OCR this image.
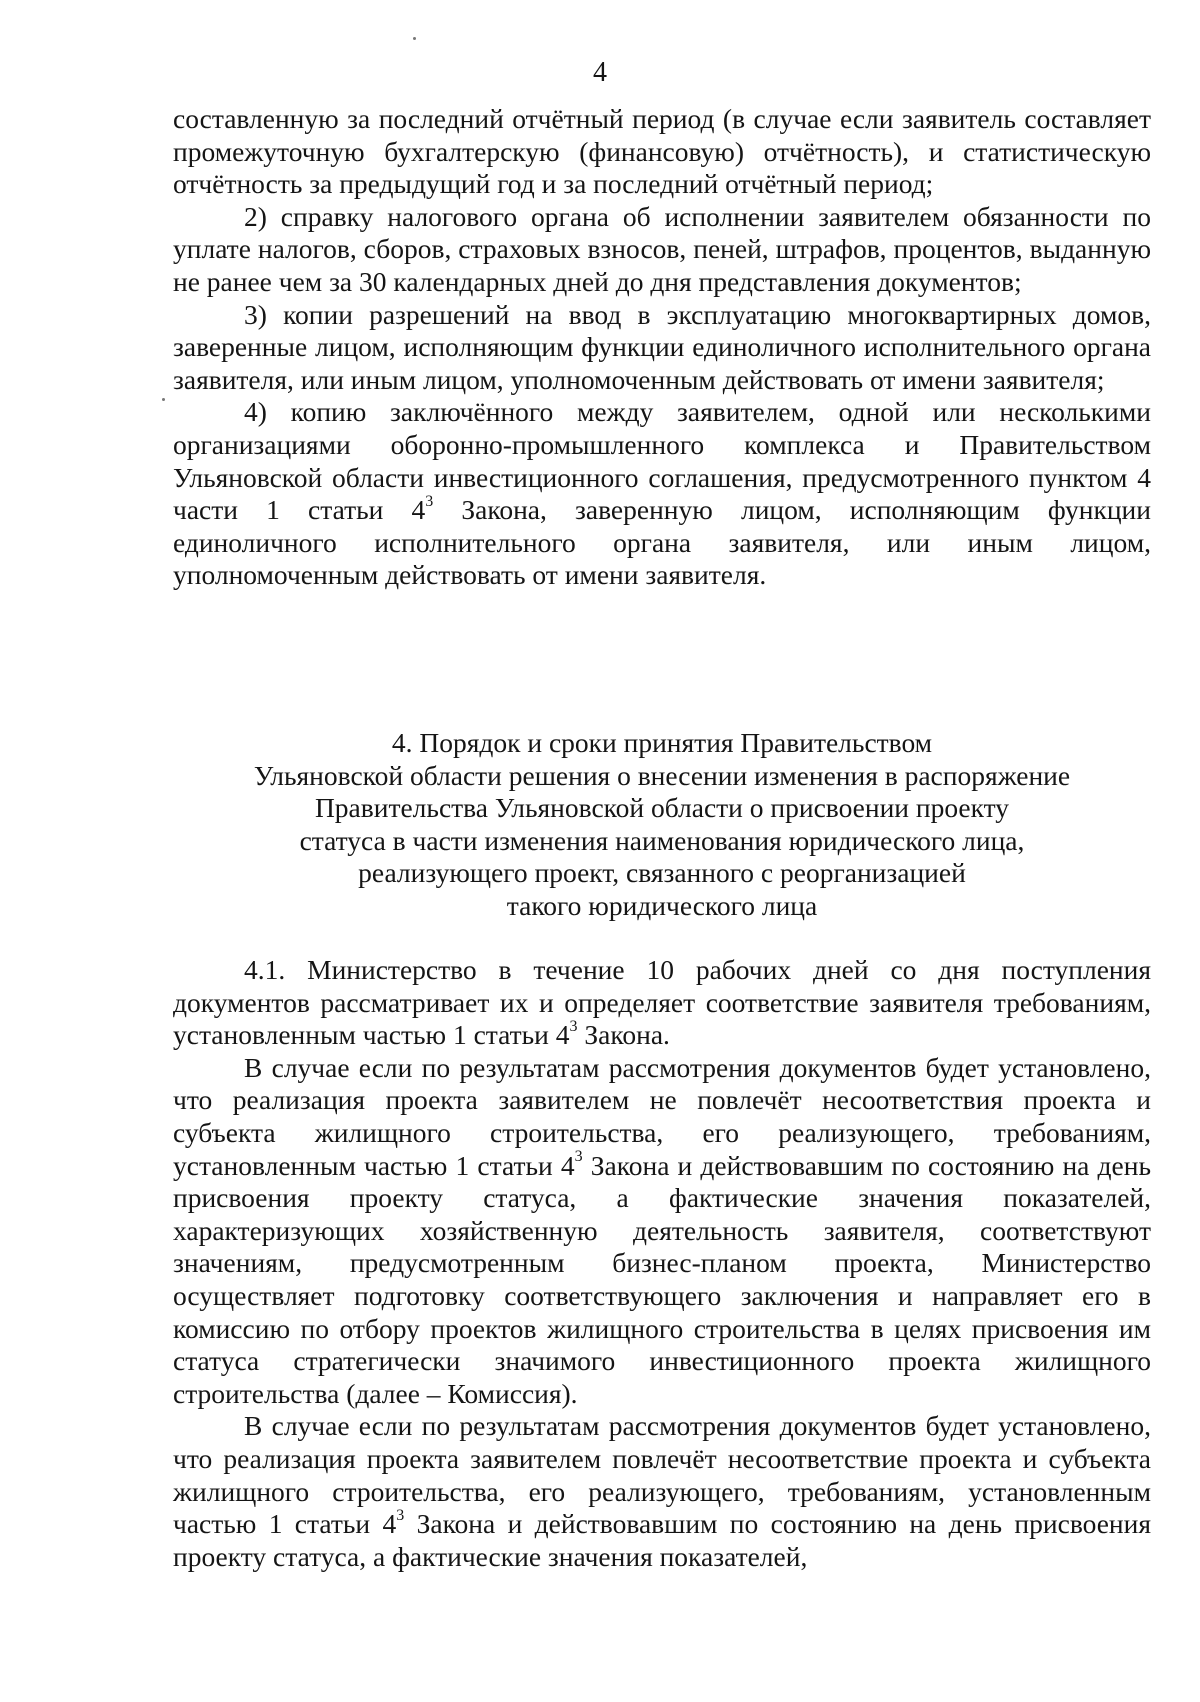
4

составленную за последний отчётный период (в случае если заявитель составляет промежуточную бухгалтерскую (финансовую) отчётность), и статистическую отчётность за предыдущий год и за последний отчётный период;

2) справку налогового органа об исполнении заявителем обязанности по уплате налогов, сборов, страховых взносов, пеней, штрафов, процентов, выданную не ранее чем за 30 календарных дней до дня представления документов;

3) копии разрешений на ввод в эксплуатацию многоквартирных домов, заверенные лицом, исполняющим функции единоличного исполнительного органа заявителя, или иным лицом, уполномоченным действовать от имени заявителя;

4) копию заключённого между заявителем, одной или несколькими организациями оборонно-промышленного комплекса и Правительством Ульяновской области инвестиционного соглашения, предусмотренного пунктом 4 части 1 статьи $4^3$ Закона, заверенную лицом, исполняющим функции единоличного исполнительного органа заявителя, или иным лицом, уполномоченным действовать от имени заявителя.

4. Порядок и сроки принятия Правительством
Ульяновской области решения о внесении изменения в распоряжение
Правительства Ульяновской области о присвоении проекту
статуса в части изменения наименования юридического лица,
реализующего проект, связанного с реорганизацией
такого юридического лица

4.1. Министерство в течение 10 рабочих дней со дня поступления документов рассматривает их и определяет соответствие заявителя требованиям, установленным частью 1 статьи $4^3$ Закона.

В случае если по результатам рассмотрения документов будет установлено, что реализация проекта заявителем не повлечёт несоответствия проекта и субъекта жилищного строительства, его реализующего, требованиям, установленным частью 1 статьи $4^3$ Закона и действовавшим по состоянию на день присвоения проекту статуса, а фактические значения показателей, характеризующих хозяйственную деятельность заявителя, соответствуют значениям, предусмотренным бизнес-планом проекта, Министерство осуществляет подготовку соответствующего заключения и направляет его в комиссию по отбору проектов жилищного строительства в целях присвоения им статуса стратегически значимого инвестиционного проекта жилищного строительства (далее – Комиссия).

В случае если по результатам рассмотрения документов будет установлено, что реализация проекта заявителем повлечёт несоответствие проекта и субъекта жилищного строительства, его реализующего, требованиям, установленным частью 1 статьи $4^3$ Закона и действовавшим по состоянию на день присвоения проекту статуса, а фактические значения показателей,
